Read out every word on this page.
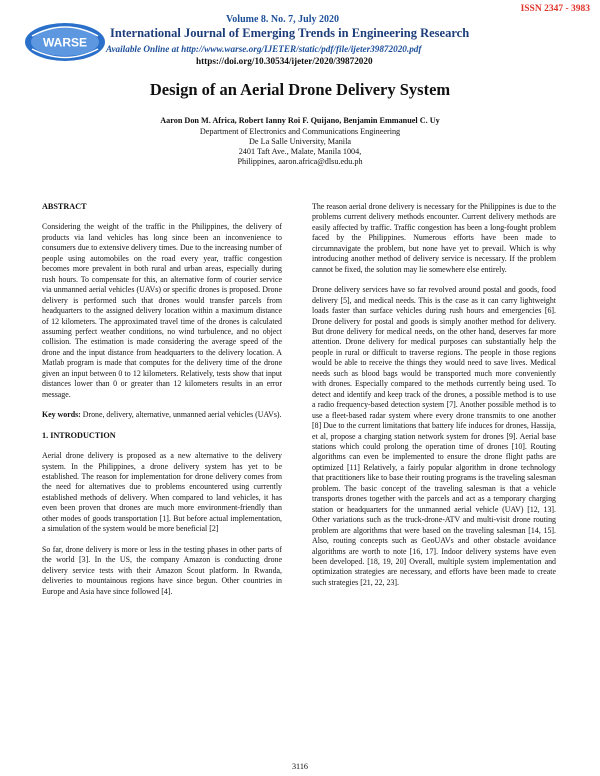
ISSN 2347 - 3983
WARSE
Volume 8. No. 7, July 2020
International Journal of Emerging Trends in Engineering Research
Available Online at http://www.warse.org/IJETER/static/pdf/file/ijeter39872020.pdf
https://doi.org/10.30534/ijeter/2020/39872020
Design of an Aerial Drone Delivery System
Aaron Don M. Africa, Robert Ianny Roi F. Quijano, Benjamin Emmanuel C. Uy
Department of Electronics and Communications Engineering
De La Salle University, Manila
2401 Taft Ave., Malate, Manila 1004,
Philippines, aaron.africa@dlsu.edu.ph

ABSTRACT

Considering the weight of the traffic in the Philippines, the delivery of products via land vehicles has long since been an inconvenience to consumers due to extensive delivery times. Due to the increasing number of people using automobiles on the road every year, traffic congestion becomes more prevalent in both rural and urban areas, especially during rush hours. To compensate for this, an alternative form of courier service via unmanned aerial vehicles (UAVs) or specific drones is proposed. Drone delivery is performed such that drones would transfer parcels from headquarters to the assigned delivery location within a maximum distance of 12 kilometers. The approximated travel time of the drones is calculated assuming perfect weather conditions, no wind turbulence, and no object collision. The estimation is made considering the average speed of the drone and the input distance from headquarters to the delivery location. A Matlab program is made that computes for the delivery time of the drone given an input between 0 to 12 kilometers. Relatively, tests show that input distances lower than 0 or greater than 12 kilometers results in an error message.

Key words: Drone, delivery, alternative, unmanned aerial vehicles (UAVs).

1. INTRODUCTION

Aerial drone delivery is proposed as a new alternative to the delivery system. In the Philippines, a drone delivery system has yet to be established. The reason for implementation for drone delivery comes from the need for alternatives due to problems encountered using currently established methods of delivery. When compared to land vehicles, it has even been proven that drones are much more environment-friendly than other modes of goods transportation [1]. But before actual implementation, a simulation of the system would be more beneficial [2]

So far, drone delivery is more or less in the testing phases in other parts of the world [3]. In the US, the company Amazon is conducting drone delivery service tests with their Amazon Scout platform. In Rwanda, deliveries to mountainous regions have since begun. Other countries in Europe and Asia have since followed [4].

The reason aerial drone delivery is necessary for the Philippines is due to the problems current delivery methods encounter. Current delivery methods are easily affected by traffic. Traffic congestion has been a long-fought problem faced by the Philippines. Numerous efforts have been made to circumnavigate the problem, but none have yet to prevail. Which is why introducing another method of delivery service is necessary. If the problem cannot be fixed, the solution may lie somewhere else entirely.

Drone delivery services have so far revolved around postal and goods, food delivery [5], and medical needs. This is the case as it can carry lightweight loads faster than surface vehicles during rush hours and emergencies [6]. Drone delivery for postal and goods is simply another method for delivery. But drone delivery for medical needs, on the other hand, deserves far more attention. Drone delivery for medical purposes can substantially help the people in rural or difficult to traverse regions. The people in those regions would be able to receive the things they would need to save lives. Medical needs such as blood bags would be transported much more conveniently with drones. Especially compared to the methods currently being used. To detect and identify and keep track of the drones, a possible method is to use a radio frequency-based detection system [7]. Another possible method is to use a fleet-based radar system where every drone transmits to one another [8] Due to the current limitations that battery life induces for drones, Hassija, et al, propose a charging station network system for drones [9]. Aerial base stations which could prolong the operation time of drones [10]. Routing algorithms can even be implemented to ensure the drone flight paths are optimized [11] Relatively, a fairly popular algorithm in drone technology that practitioners like to base their routing programs is the traveling salesman problem. The basic concept of the traveling salesman is that a vehicle transports drones together with the parcels and act as a temporary charging station or headquarters for the unmanned aerial vehicle (UAV) [12, 13]. Other variations such as the truck-drone-ATV and multi-visit drone routing problem are algorithms that were based on the traveling salesman [14, 15]. Also, routing concepts such as GeoUAVs and other obstacle avoidance algorithms are worth to note [16, 17]. Indoor delivery systems have even been developed. [18, 19, 20] Overall, multiple system implementation and optimization strategies are necessary, and efforts have been made to create such strategies [21, 22, 23].

3116
